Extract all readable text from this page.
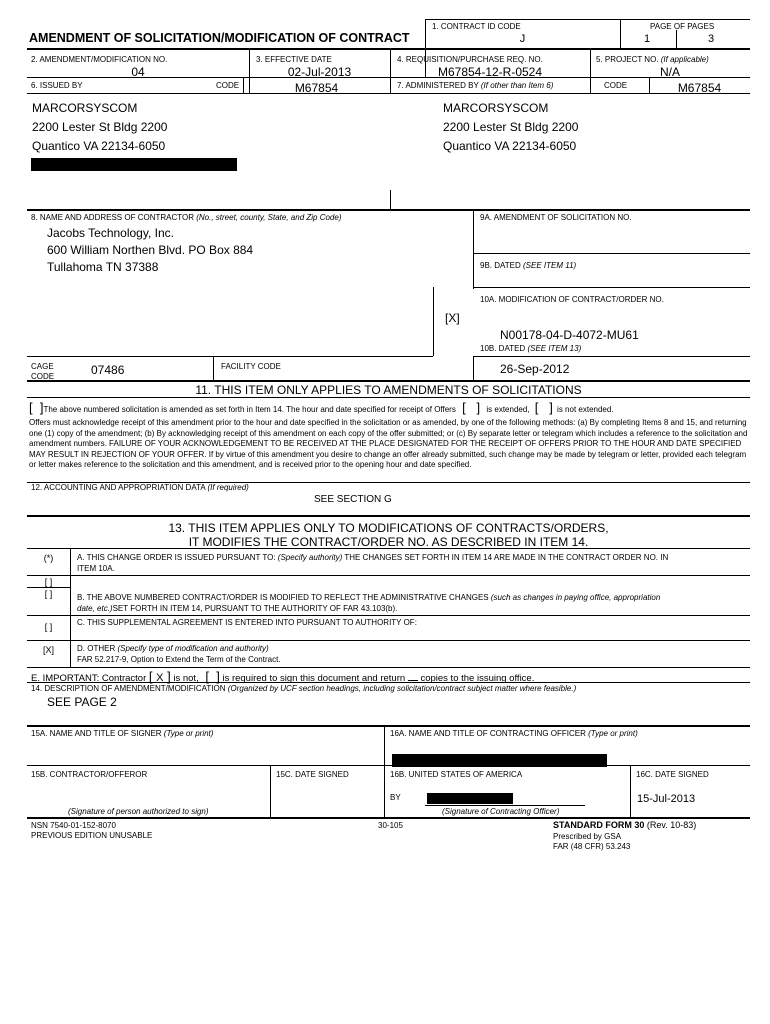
AMENDMENT OF SOLICITATION/MODIFICATION OF CONTRACT
1. CONTRACT ID CODE
J
PAGE OF PAGES
1	3
2. AMENDMENT/MODIFICATION NO.
04
3. EFFECTIVE DATE
02-Jul-2013
4. REQUISITION/PURCHASE REQ. NO.
M67854-12-R-0524
5. PROJECT NO. (If applicable)
N/A
6. ISSUED BY	CODE	M67854	7. ADMINISTERED BY (If other than Item 6)	CODE	M67854
MARCORSYSCOM
2200 Lester St Bldg 2200
Quantico VA 22134-6050
MARCORSYSCOM
2200 Lester St Bldg 2200
Quantico VA 22134-6050
8. NAME AND ADDRESS OF CONTRACTOR (No., street, county, State, and Zip Code)
Jacobs Technology, Inc.
600 William Northen Blvd. PO Box 884
Tullahoma TN 37388
CAGE
CODE	07486	FACILITY CODE
9A. AMENDMENT OF SOLICITATION NO.
9B. DATED (SEE ITEM 11)
10A. MODIFICATION OF CONTRACT/ORDER NO.
[X]
N00178-04-D-4072-MU61
10B. DATED (SEE ITEM 13)
26-Sep-2012
11. THIS ITEM ONLY APPLIES TO AMENDMENTS OF SOLICITATIONS
[  ]The above numbered solicitation is amended as set forth in Item 14. The hour and date specified for receipt of Offers [   ] is extended, [   ] is not extended.
Offers must acknowledge receipt of this amendment prior to the hour and date specified in the solicitation or as amended, by one of the following methods: (a) By completing Items 8 and 15, and returning one (1) copy of the amendment; (b) By acknowledging receipt of this amendment on each copy of the offer submitted; or (c) By separate letter or telegram which includes a reference to the solicitation and amendment numbers. FAILURE OF YOUR ACKNOWLEDGEMENT TO BE RECEIVED AT THE PLACE DESIGNATED FOR THE RECEIPT OF OFFERS PRIOR TO THE HOUR AND DATE SPECIFIED MAY RESULT IN REJECTION OF YOUR OFFER. If by virtue of this amendment you desire to change an offer already submitted, such change may be made by telegram or letter, provided each telegram or letter makes reference to the solicitation and this amendment, and is received prior to the opening hour and date specified.
12. ACCOUNTING AND APPROPRIATION DATA (If required)
SEE SECTION G
13. THIS ITEM APPLIES ONLY TO MODIFICATIONS OF CONTRACTS/ORDERS,
IT MODIFIES THE CONTRACT/ORDER NO. AS DESCRIBED IN ITEM 14.
(*)	A. THIS CHANGE ORDER IS ISSUED PURSUANT TO: (Specify authority) THE CHANGES SET FORTH IN ITEM 14 ARE MADE IN THE CONTRACT ORDER NO. IN
ITEM 10A.
[ ]
[ ]	B. THE ABOVE NUMBERED CONTRACT/ORDER IS MODIFIED TO REFLECT THE ADMINISTRATIVE CHANGES (such as changes in paying office, appropriation
date, etc.)SET FORTH IN ITEM 14, PURSUANT TO THE AUTHORITY OF FAR 43.103(b).
[ ]	C. THIS SUPPLEMENTAL AGREEMENT IS ENTERED INTO PURSUANT TO AUTHORITY OF:
[X]	D. OTHER (Specify type of modification and authority)
FAR 52.217-9, Option to Extend the Term of the Contract.
E. IMPORTANT: Contractor [ X ] is not, [  ] is required to sign this document and return copies to the issuing office.
14. DESCRIPTION OF AMENDMENT/MODIFICATION (Organized by UCF section headings, including solicitation/contract subject matter where feasible.)
SEE PAGE 2
15A. NAME AND TITLE OF SIGNER (Type or print)	16A. NAME AND TITLE OF CONTRACTING OFFICER (Type or print)
15B. CONTRACTOR/OFFEROR	15C. DATE SIGNED	16B. UNITED STATES OF AMERICA	16C. DATE SIGNED
BY	15-Jul-2013
(Signature of person authorized to sign)	(Signature of Contracting Officer)
NSN 7540-01-152-8070
PREVIOUS EDITION UNUSABLE
30-105	STANDARD FORM 30 (Rev. 10-83)
Prescribed by GSA
FAR (48 CFR) 53.243
